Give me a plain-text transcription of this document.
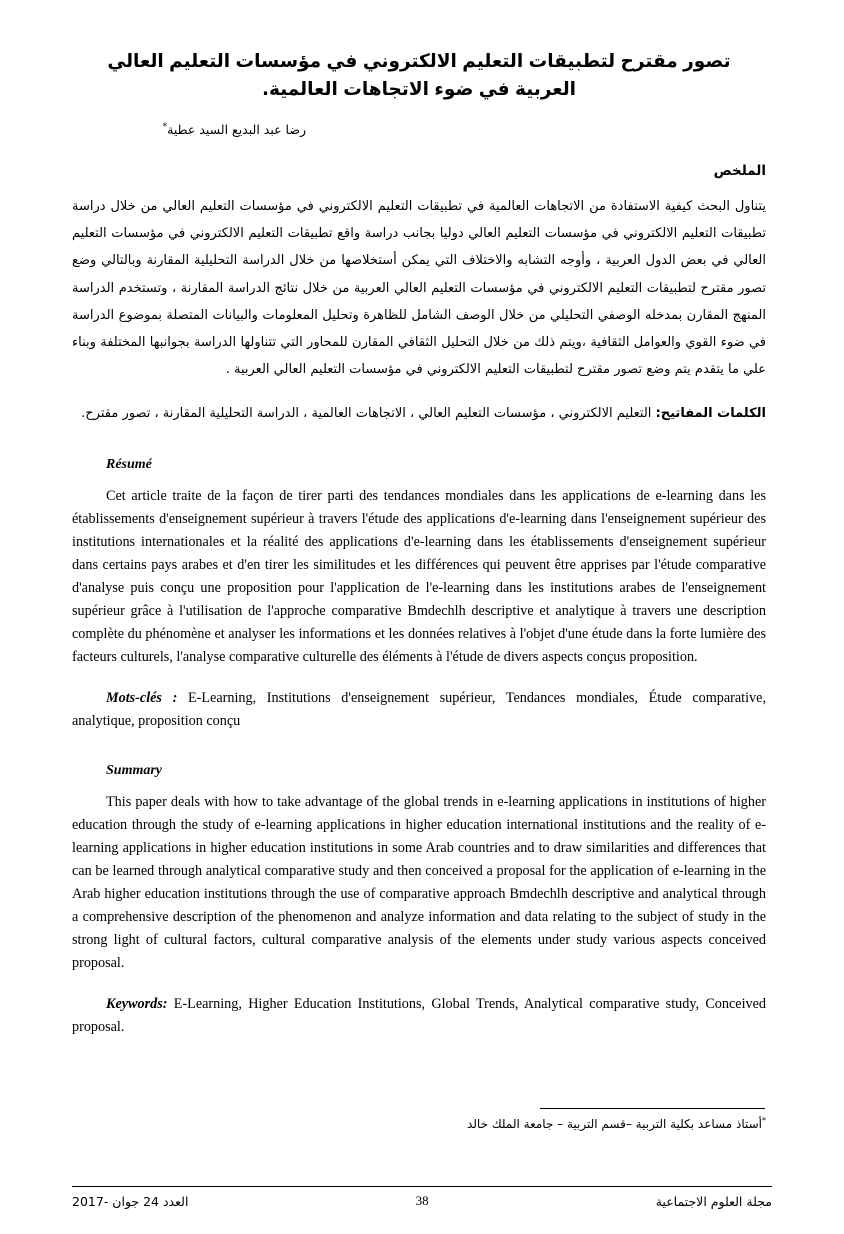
تصور مقترح لتطبيقات التعليم الالكتروني في مؤسسات التعليم العالي العربية في ضوء الاتجاهات العالمية.
رضا عبد البديع السيد عطية*
الملخص

يتناول البحث كيفية الاستفادة من الاتجاهات العالمية في تطبيقات التعليم الالكتروني في مؤسسات التعليم العالي من خلال دراسة تطبيقات التعليم الالكتروني في مؤسسات التعليم العالي دوليا بجانب دراسة واقع تطبيقات التعليم الالكتروني في مؤسسات التعليم العالي في بعض الدول العربية ، وأوجه التشابه والاختلاف التي يمكن أستخلاصها من خلال الدراسة التحليلية المقارنة وبالتالي وضع تصور مقترح لتطبيقات التعليم الالكتروني في مؤسسات التعليم العالي العربية من خلال نتائج الدراسة المقارنة ، وتستخدم الدراسة المنهج المقارن بمدخله الوصفي التحليلي من خلال الوصف الشامل للظاهرة وتحليل المعلومات والبيانات المتصلة بموضوع الدراسة في ضوء القوي والعوامل الثقافية ،ويتم ذلك من خلال التحليل الثقافي المقارن للمحاور التي تتناولها الدراسة بجوانبها المختلفة وبناء علي ما يتقدم يتم وضع تصور مقترح لتطبيقات التعليم الالكتروني في مؤسسات التعليم العالي العربية .

الكلمات المفاتيح: التعليم الالكتروني ، مؤسسات التعليم العالي ، الاتجاهات العالمية ، الدراسة التحليلية المقارنة ، تصور مقترح.

Résumé

Cet article traite de la façon de tirer parti des tendances mondiales dans les applications de e-learning dans les établissements d'enseignement supérieur à travers l'étude des applications d'e-learning dans l'enseignement supérieur des institutions internationales et la réalité des applications d'e-learning dans les établissements d'enseignement supérieur dans certains pays arabes et d'en tirer les similitudes et les différences qui peuvent être apprises par l'étude comparative d'analyse puis conçu une proposition pour l'application de l'e-learning dans les institutions arabes de l'enseignement supérieur grâce à l'utilisation de l'approche comparative Bmdechlh descriptive et analytique à travers une description complète du phénomène et analyser les informations et les données relatives à l'objet d'une étude dans la forte lumière des facteurs culturels, l'analyse comparative culturelle des éléments à l'étude de divers aspects conçus proposition.

Mots-clés : E-Learning, Institutions d'enseignement supérieur, Tendances mondiales, Étude comparative, analytique, proposition conçu

Summary

This paper deals with how to take advantage of the global trends in e-learning applications in institutions of higher education through the study of e-learning applications in higher education international institutions and the reality of e-learning applications in higher education institutions in some Arab countries and to draw similarities and differences that can be learned through analytical comparative study and then conceived a proposal for the application of e-learning in the Arab higher education institutions through the use of comparative approach Bmdechlh descriptive and analytical through a comprehensive description of the phenomenon and analyze information and data relating to the subject of study in the strong light of cultural factors, cultural comparative analysis of the elements under study various aspects conceived proposal.

Keywords: E-Learning, Higher Education Institutions, Global Trends, Analytical comparative study, Conceived proposal.

*أستاذ مساعد بكلية التربية –قسم التربية – جامعة الملك خالد
العدد 24 جوان -2017	38	مجلة العلوم الاجتماعية
